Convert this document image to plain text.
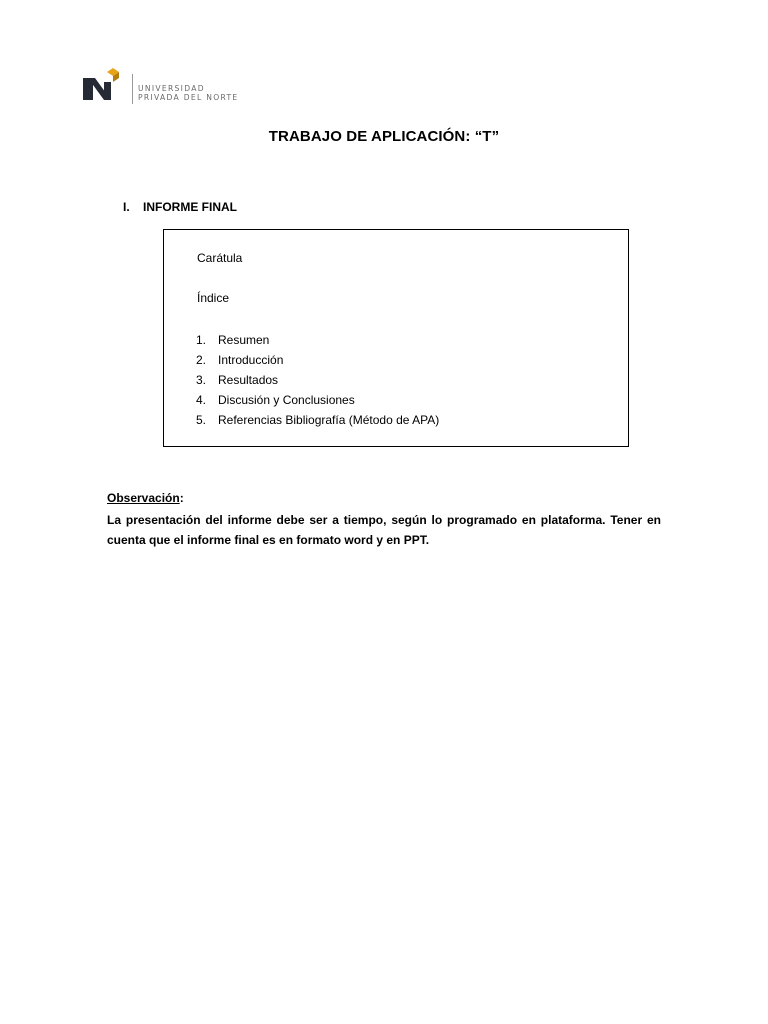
UNIVERSIDAD
PRIVADA DEL NORTE
TRABAJO DE APLICACIÓN: “T”
I. INFORME FINAL
Carátula
Índice
1. Resumen
2. Introducción
3. Resultados
4. Discusión y Conclusiones
5. Referencias Bibliografía (Método de APA)
Observación:
La presentación del informe debe ser a tiempo, según lo programado en plataforma. Tener en cuenta que el informe final es en formato word y en PPT.
